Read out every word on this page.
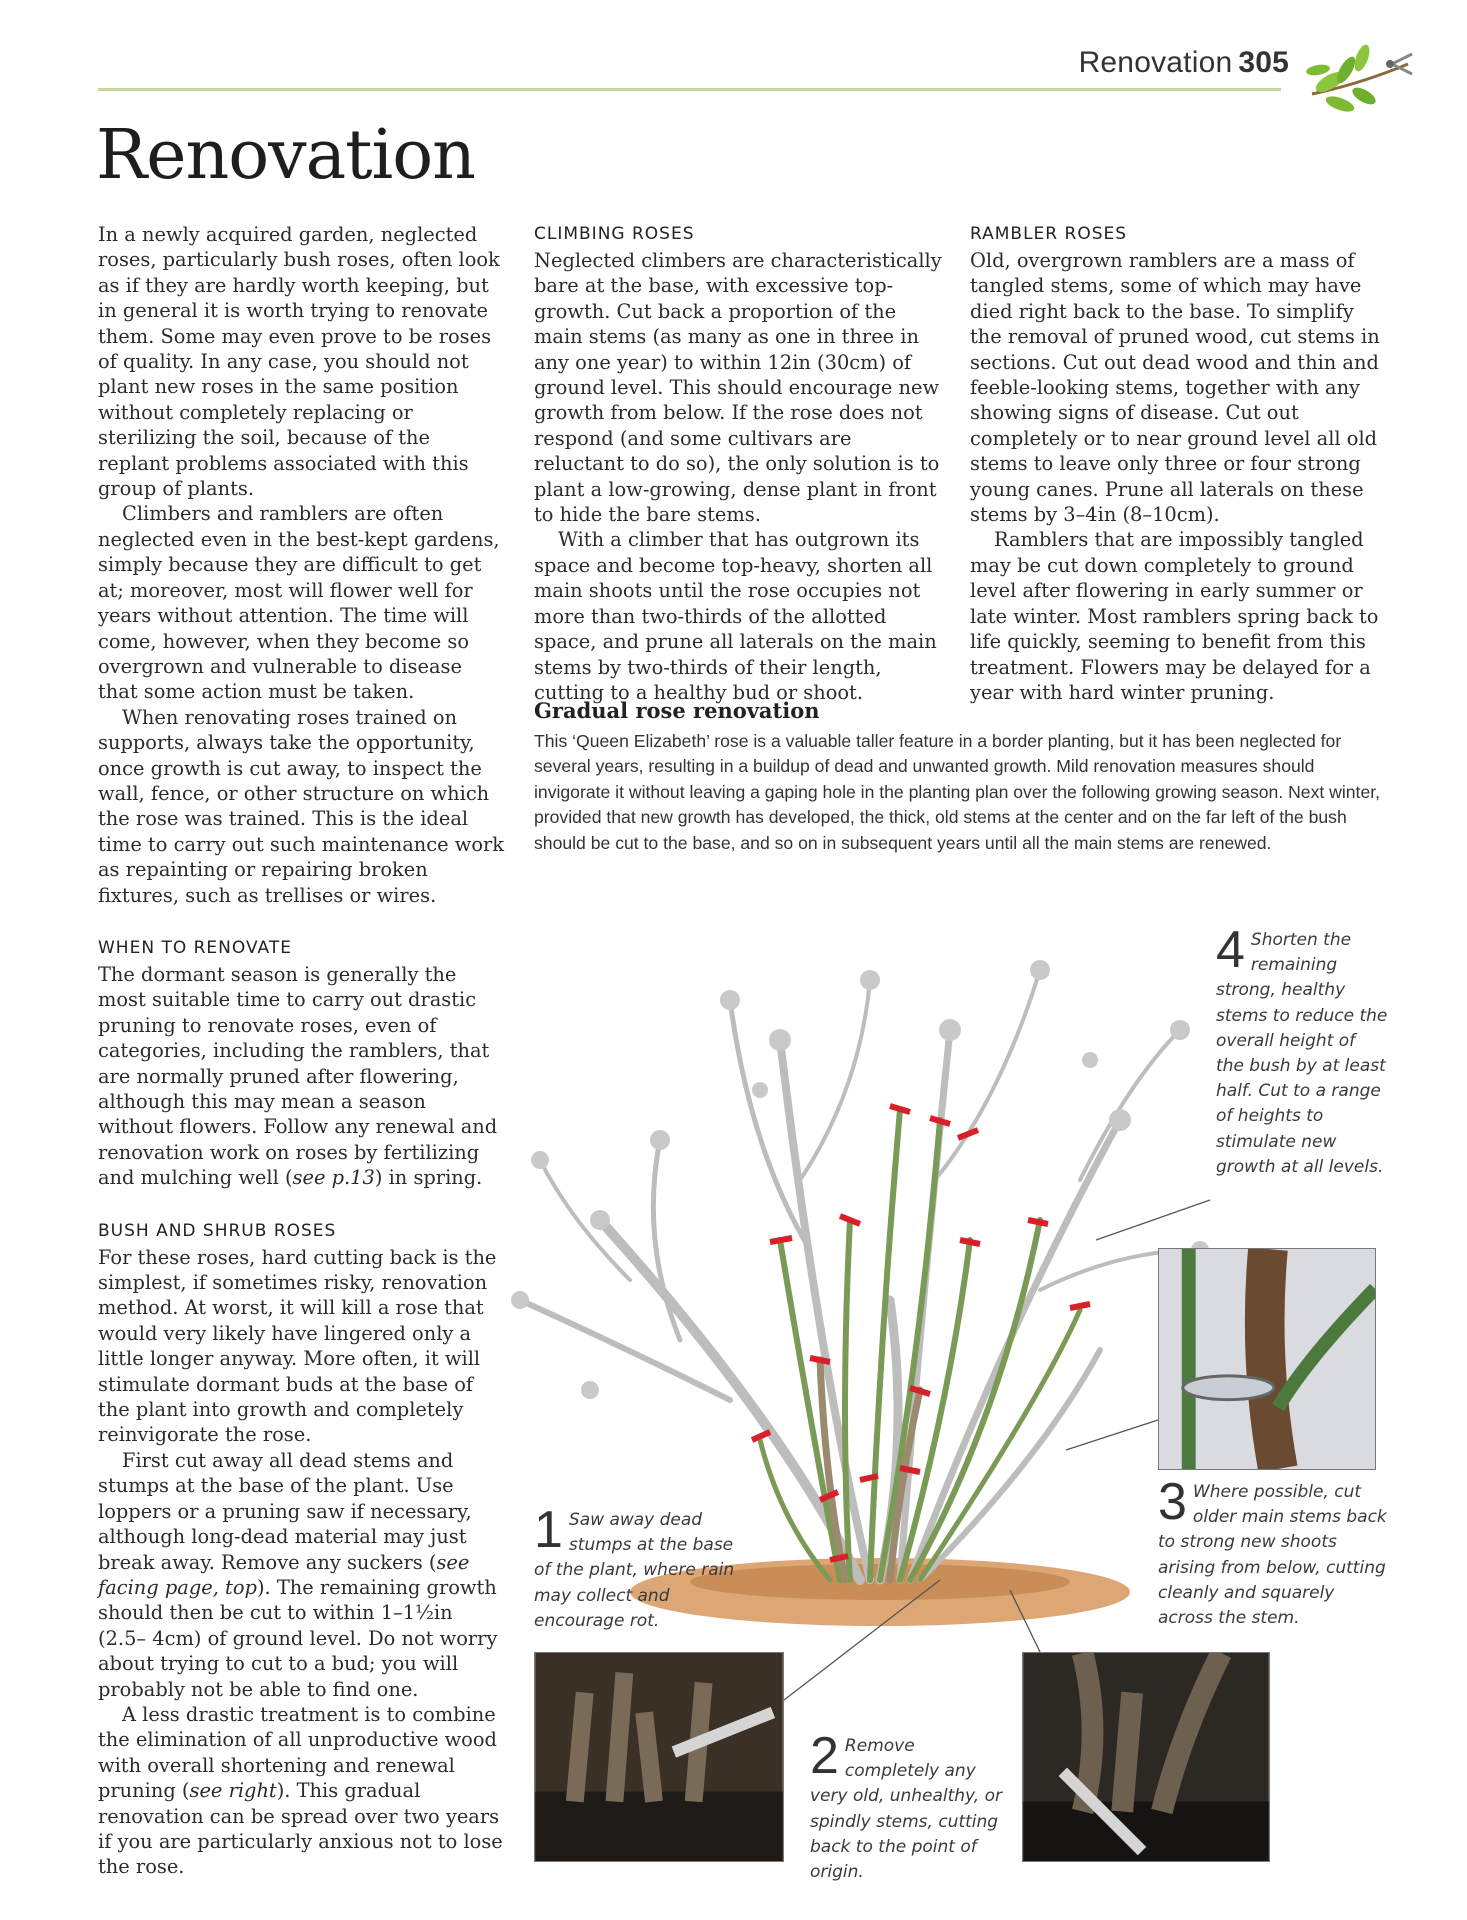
Renovation 305
Renovation

In a newly acquired garden, neglected roses, particularly bush roses, often look as if they are hardly worth keeping, but in general it is worth trying to renovate them. Some may even prove to be roses of quality. In any case, you should not plant new roses in the same position without completely replacing or sterilizing the soil, because of the replant problems associated with this group of plants.

Climbers and ramblers are often neglected even in the best-kept gardens, simply because they are difficult to get at; moreover, most will flower well for years without attention. The time will come, however, when they become so overgrown and vulnerable to disease that some action must be taken.

When renovating roses trained on supports, always take the opportunity, once growth is cut away, to inspect the wall, fence, or other structure on which the rose was trained. This is the ideal time to carry out such maintenance work as repainting or repairing broken fixtures, such as trellises or wires.

WHEN TO RENOVATE

The dormant season is generally the most suitable time to carry out drastic pruning to renovate roses, even of categories, including the ramblers, that are normally pruned after flowering, although this may mean a season without flowers. Follow any renewal and renovation work on roses by fertilizing and mulching well (see p.13) in spring.

BUSH AND SHRUB ROSES

For these roses, hard cutting back is the simplest, if sometimes risky, renovation method. At worst, it will kill a rose that would very likely have lingered only a little longer anyway. More often, it will stimulate dormant buds at the base of the plant into growth and completely reinvigorate the rose.

First cut away all dead stems and stumps at the base of the plant. Use loppers or a pruning saw if necessary, although long-dead material may just break away. Remove any suckers (see facing page, top). The remaining growth should then be cut to within 1–1½in (2.5– 4cm) of ground level. Do not worry about trying to cut to a bud; you will probably not be able to find one.

A less drastic treatment is to combine the elimination of all unproductive wood with overall shortening and renewal pruning (see right). This gradual renovation can be spread over two years if you are particularly anxious not to lose the rose.

CLIMBING ROSES

Neglected climbers are characteristically bare at the base, with excessive top-growth. Cut back a proportion of the main stems (as many as one in three in any one year) to within 12in (30cm) of ground level. This should encourage new growth from below. If the rose does not respond (and some cultivars are reluctant to do so), the only solution is to plant a low-growing, dense plant in front to hide the bare stems.

With a climber that has outgrown its space and become top-heavy, shorten all main shoots until the rose occupies not more than two-thirds of the allotted space, and prune all laterals on the main stems by two-thirds of their length, cutting to a healthy bud or shoot.

RAMBLER ROSES

Old, overgrown ramblers are a mass of tangled stems, some of which may have died right back to the base. To simplify the removal of pruned wood, cut stems in sections. Cut out dead wood and thin and feeble-looking stems, together with any showing signs of disease. Cut out completely or to near ground level all old stems to leave only three or four strong young canes. Prune all laterals on these stems by 3–4in (8–10cm).

Ramblers that are impossibly tangled may be cut down completely to ground level after flowering in early summer or late winter. Most ramblers spring back to life quickly, seeming to benefit from this treatment. Flowers may be delayed for a year with hard winter pruning.

Gradual rose renovation
This ‘Queen Elizabeth’ rose is a valuable taller feature in a border planting, but it has been neglected for several years, resulting in a buildup of dead and unwanted growth. Mild renovation measures should invigorate it without leaving a gaping hole in the planting plan over the following growing season. Next winter, provided that new growth has developed, the thick, old stems at the center and on the far left of the bush should be cut to the base, and so on in subsequent years until all the main stems are renewed.
4 Shorten the remaining strong, healthy stems to reduce the overall height of the bush by at least half. Cut to a range of heights to stimulate new growth at all levels.
3 Where possible, cut older main stems back to strong new shoots arising from below, cutting cleanly and squarely across the stem.
1 Saw away dead stumps at the base of the plant, where rain may collect and encourage rot.
2 Remove completely any very old, unhealthy, or spindly stems, cutting back to the point of origin.
